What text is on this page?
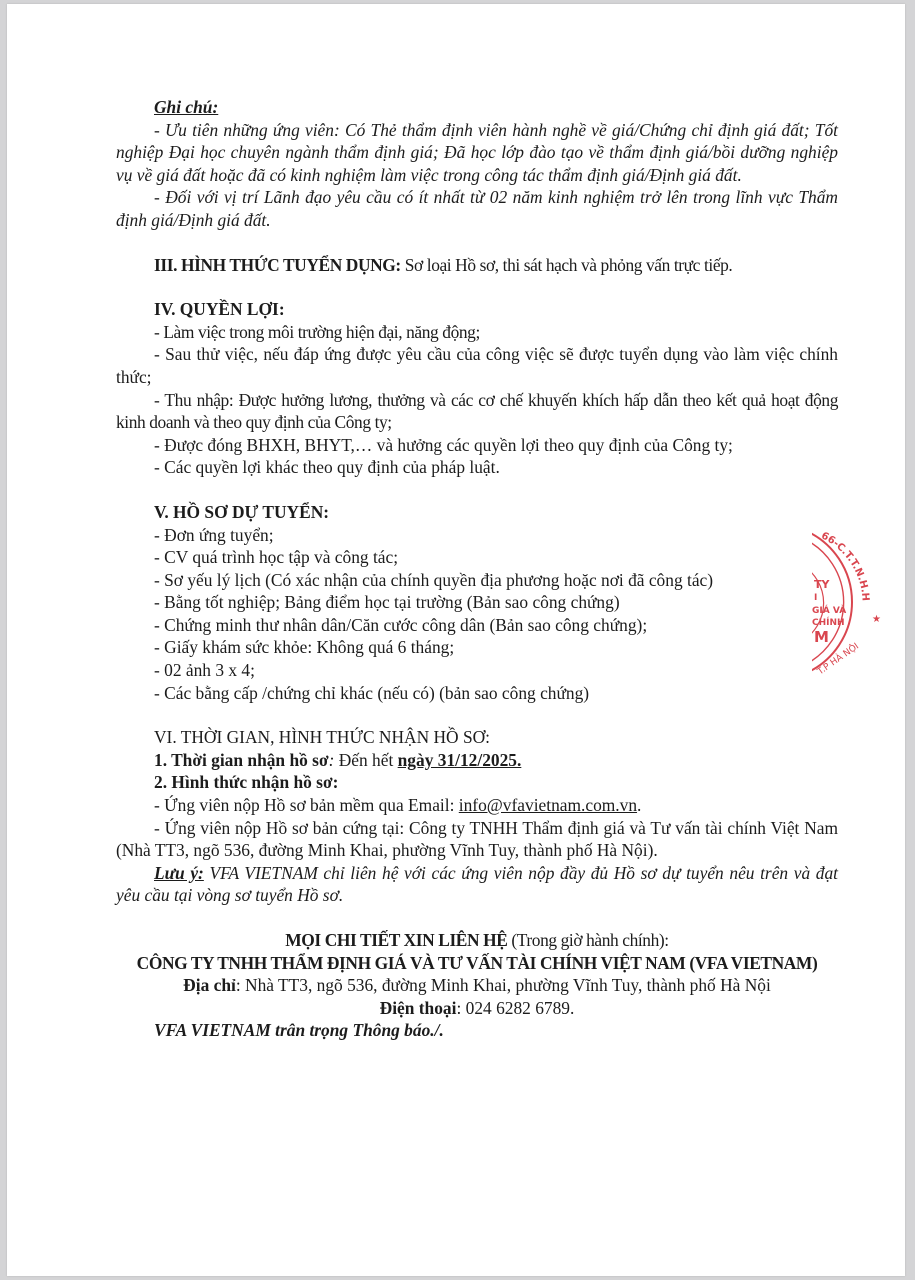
Ghi chú:

- Ưu tiên những ứng viên: Có Thẻ thẩm định viên hành nghề về giá/Chứng chỉ định giá đất; Tốt nghiệp Đại học chuyên ngành thẩm định giá; Đã học lớp đào tạo về thẩm định giá/bồi dưỡng nghiệp vụ về giá đất hoặc đã có kinh nghiệm làm việc trong công tác thẩm định giá/Định giá đất.

- Đối với vị trí Lãnh đạo yêu cầu có ít nhất từ 02 năm kinh nghiệm trở lên trong lĩnh vực Thẩm định giá/Định giá đất.

III. HÌNH THỨC TUYỂN DỤNG: Sơ loại Hồ sơ, thi sát hạch và phỏng vấn trực tiếp.

IV. QUYỀN LỢI:

- Làm việc trong môi trường hiện đại, năng động;

- Sau thử việc, nếu đáp ứng được yêu cầu của công việc sẽ được tuyển dụng vào làm việc chính thức;

- Thu nhập: Được hưởng lương, thưởng và các cơ chế khuyến khích hấp dẫn theo kết quả hoạt động kinh doanh và theo quy định của Công ty;

- Được đóng BHXH, BHYT,… và hưởng các quyền lợi theo quy định của Công ty;

- Các quyền lợi khác theo quy định của pháp luật.

V. HỒ SƠ DỰ TUYỂN:

- Đơn ứng tuyển;

- CV quá trình học tập và công tác;

- Sơ yếu lý lịch (Có xác nhận của chính quyền địa phương hoặc nơi đã công tác)

- Bằng tốt nghiệp; Bảng điểm học tại trường (Bản sao công chứng)

- Chứng minh thư nhân dân/Căn cước công dân (Bản sao công chứng);

- Giấy khám sức khỏe: Không quá 6 tháng;

- 02 ảnh 3 x 4;

- Các bằng cấp /chứng chỉ khác (nếu có) (bản sao công chứng)

VI. THỜI GIAN, HÌNH THỨC NHẬN HỒ SƠ:

1. Thời gian nhận hồ sơ: Đến hết ngày 31/12/2025.

2. Hình thức nhận hồ sơ:

- Ứng viên nộp Hồ sơ bản mềm qua Email: info@vfavietnam.com.vn.

- Ứng viên nộp Hồ sơ bản cứng tại: Công ty TNHH Thẩm định giá và Tư vấn tài chính Việt Nam (Nhà TT3, ngõ 536, đường Minh Khai, phường Vĩnh Tuy, thành phố Hà Nội).

Lưu ý: VFA VIETNAM chỉ liên hệ với các ứng viên nộp đầy đủ Hồ sơ dự tuyển nêu trên và đạt yêu cầu tại vòng sơ tuyển Hồ sơ.

MỌI CHI TIẾT XIN LIÊN HỆ (Trong giờ hành chính):

CÔNG TY TNHH THẨM ĐỊNH GIÁ VÀ TƯ VẤN TÀI CHÍNH VIỆT NAM (VFA VIETNAM)

Địa chỉ: Nhà TT3, ngõ 536, đường Minh Khai, phường Vĩnh Tuy, thành phố Hà Nội

Điện thoại: 024 6282 6789.

VFA VIETNAM trân trọng Thông báo./.

66-C.T.T.N.H.H
★
TY
I
GIÁ VÀ
CHÍNH
M
T.P HÀ NỘI
